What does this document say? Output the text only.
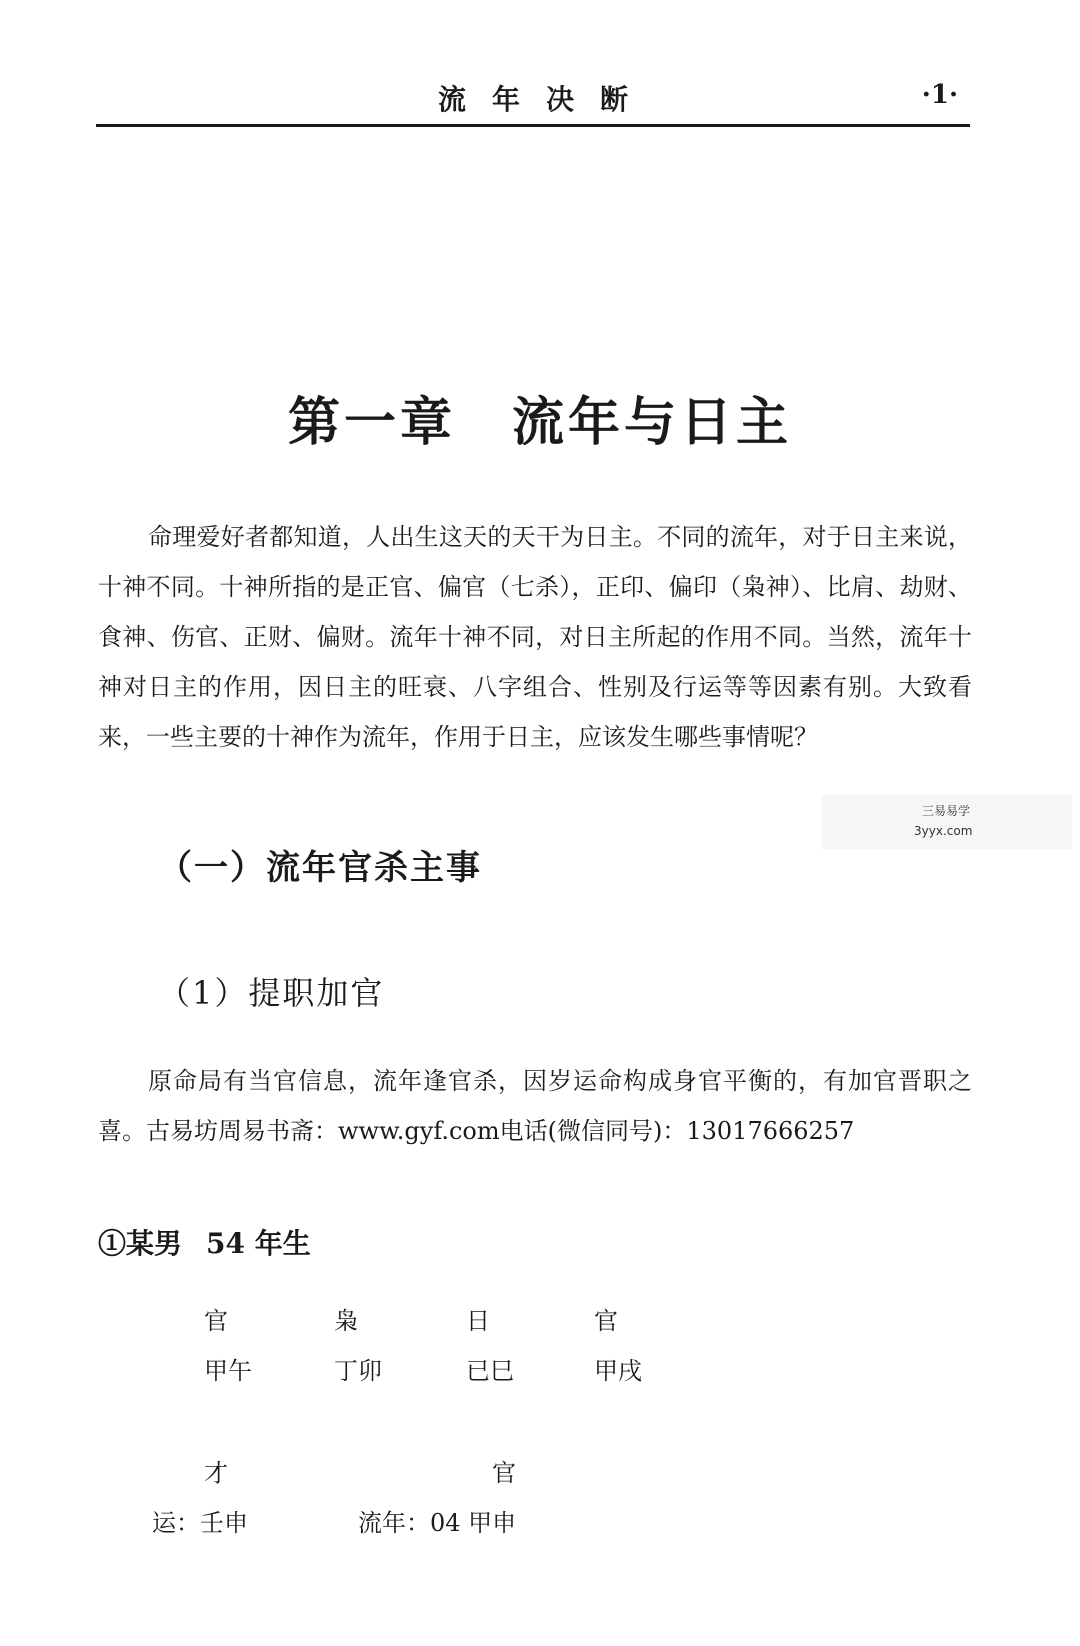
流年决断	·1·
第一章 流年与日主

命理爱好者都知道，人出生这天的天干为日主。不同的流年，对于日主来说，十神不同。十神所指的是正官、偏官（七杀），正印、偏印（枭神）、比肩、劫财、食神、伤官、正财、偏财。流年十神不同，对日主所起的作用不同。当然，流年十神对日主的作用，因日主的旺衰、八字组合、性别及行运等等因素有别。大致看来，一些主要的十神作为流年，作用于日主，应该发生哪些事情呢？

三易易学
3yyx.com
（一）流年官杀主事
（1）提职加官

原命局有当官信息，流年逢官杀，因岁运命构成身官平衡的，有加官晋职之喜。古易坊周易书斋：www.gyf.com电话(微信同号)：13017666257

①某男 54 年生
官	枭	日	官
甲午	丁卯	已巳	甲戌
才	官
运：壬申	流年：04 甲申
